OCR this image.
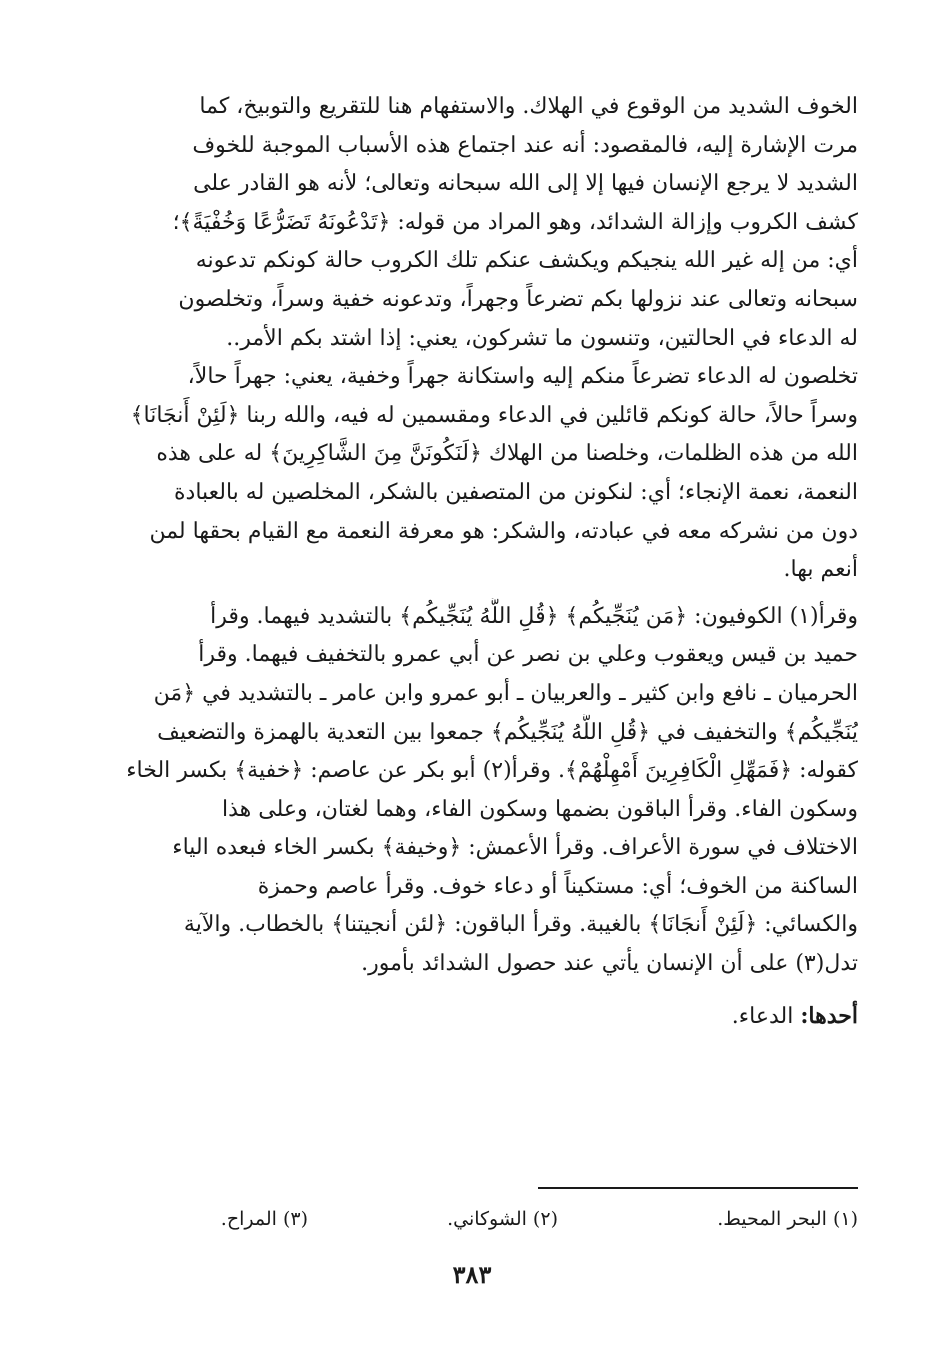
الخوف الشديد من الوقوع في الهلاك. والاستفهام هنا للتقريع والتوبيخ، كما
مرت الإشارة إليه، فالمقصود: أنه عند اجتماع هذه الأسباب الموجبة للخوف
الشديد لا يرجع الإنسان فيها إلا إلى الله سبحانه وتعالى؛ لأنه هو القادر على
كشف الكروب وإزالة الشدائد، وهو المراد من قوله: ﴿تَدْعُونَهُ تَضَرُّعًا وَخُفْيَةً﴾؛
أي: من إله غير الله ينجيكم ويكشف عنكم تلك الكروب حالة كونكم تدعونه
سبحانه وتعالى عند نزولها بكم تضرعاً وجهراً، وتدعونه خفية وسراً، وتخلصون
له الدعاء في الحالتين، وتنسون ما تشركون، يعني: إذا اشتد بكم الأمر..
تخلصون له الدعاء تضرعاً منكم إليه واستكانة جهراً وخفية، يعني: جهراً حالاً،
وسراً حالاً، حالة كونكم قائلين في الدعاء ومقسمين له فيه، والله ربنا ﴿لَئِنْ أَنجَانَا﴾
الله من هذه الظلمات، وخلصنا من الهلاك ﴿لَنَكُونَنَّ مِنَ الشَّاكِرِينَ﴾ له على هذه
النعمة، نعمة الإنجاء؛ أي: لنكونن من المتصفين بالشكر، المخلصين له بالعبادة
دون من نشركه معه في عبادته، والشكر: هو معرفة النعمة مع القيام بحقها لمن
أنعم بها.

وقرأ(١) الكوفيون: ﴿مَن يُنَجِّيكُم﴾ ﴿قُلِ اللَّهُ يُنَجِّيكُم﴾ بالتشديد فيهما. وقرأ
حميد بن قيس ويعقوب وعلي بن نصر عن أبي عمرو بالتخفيف فيهما. وقرأ
الحرميان ـ نافع وابن كثير ـ والعربيان ـ أبو عمرو وابن عامر ـ بالتشديد في ﴿مَن
يُنَجِّيكُم﴾ والتخفيف في ﴿قُلِ اللَّهُ يُنَجِّيكُم﴾ جمعوا بين التعدية بالهمزة والتضعيف
كقوله: ﴿فَمَهِّلِ الْكَافِرِينَ أَمْهِلْهُمْ﴾. وقرأ(٢) أبو بكر عن عاصم: ﴿خفية﴾ بكسر الخاء
وسكون الفاء. وقرأ الباقون بضمها وسكون الفاء، وهما لغتان، وعلى هذا
الاختلاف في سورة الأعراف. وقرأ الأعمش: ﴿وخيفة﴾ بكسر الخاء فبعده الياء
الساكنة من الخوف؛ أي: مستكيناً أو دعاء خوف. وقرأ عاصم وحمزة
والكسائي: ﴿لَئِنْ أَنجَانَا﴾ بالغيبة. وقرأ الباقون: ﴿لئن أنجيتنا﴾ بالخطاب. والآية
تدل(٣) على أن الإنسان يأتي عند حصول الشدائد بأمور.

أحدها: الدعاء.

(١) البحر المحيط.
(٢) الشوكاني.
(٣) المراح.
٣٨٣
